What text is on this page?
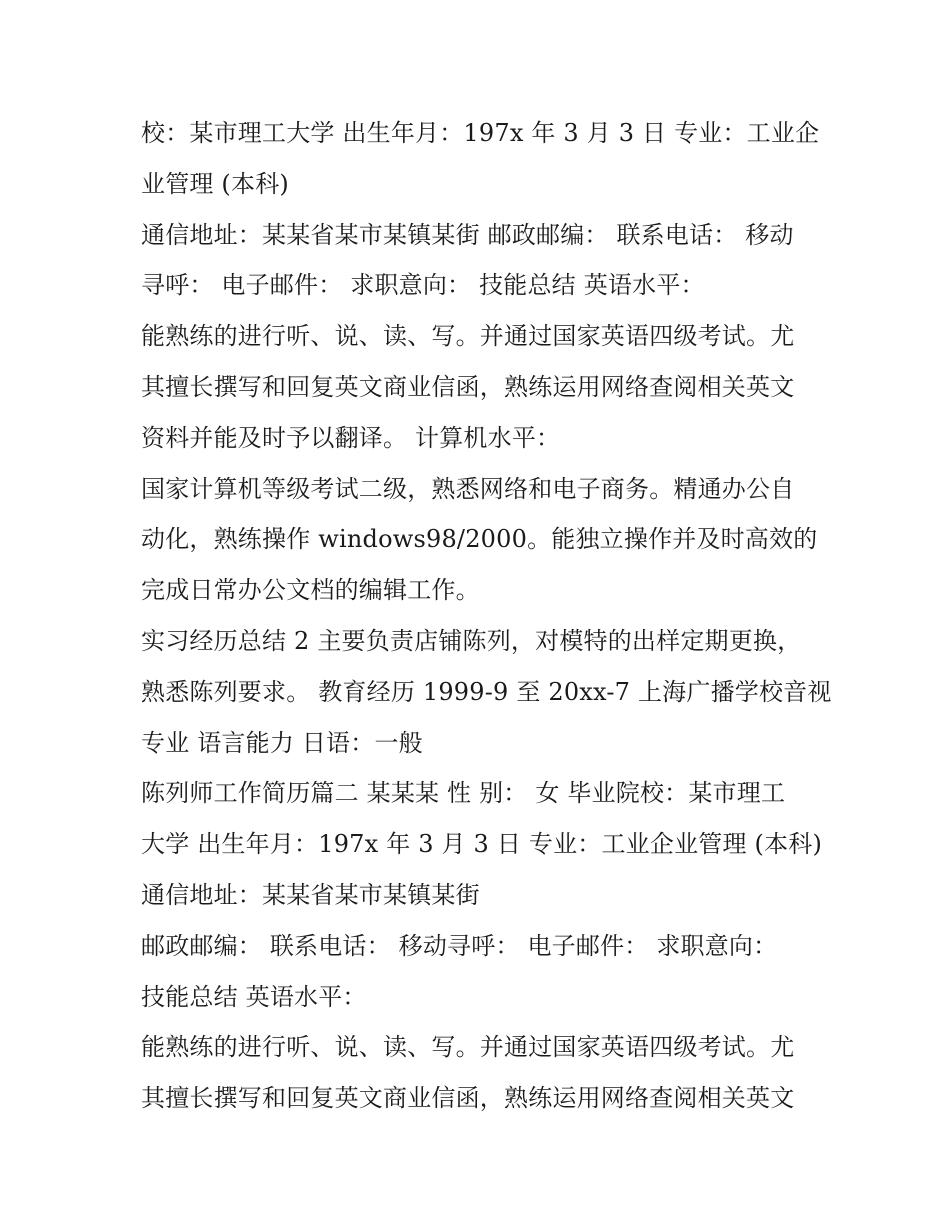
校：某市理工大学 出生年月：197x 年 3 月 3 日 专业：工业企
业管理 (本科)
通信地址：某某省某市某镇某街 邮政邮编： 联系电话： 移动
寻呼： 电子邮件： 求职意向： 技能总结 英语水平：
能熟练的进行听、说、读、写。并通过国家英语四级考试。尤
其擅长撰写和回复英文商业信函，熟练运用网络查阅相关英文
资料并能及时予以翻译。 计算机水平：
国家计算机等级考试二级，熟悉网络和电子商务。精通办公自
动化，熟练操作 windows98/2000。能独立操作并及时高效的
完成日常办公文档的编辑工作。
实习经历总结 2 主要负责店铺陈列，对模特的出样定期更换，
熟悉陈列要求。 教育经历 1999-9 至 20xx-7 上海广播学校音视
专业 语言能力 日语：一般
陈列师工作简历篇二 某某某 性 别： 女 毕业院校：某市理工
大学 出生年月：197x 年 3 月 3 日 专业：工业企业管理 (本科)
通信地址：某某省某市某镇某街
邮政邮编： 联系电话： 移动寻呼： 电子邮件： 求职意向：
技能总结 英语水平：
能熟练的进行听、说、读、写。并通过国家英语四级考试。尤
其擅长撰写和回复英文商业信函，熟练运用网络查阅相关英文
